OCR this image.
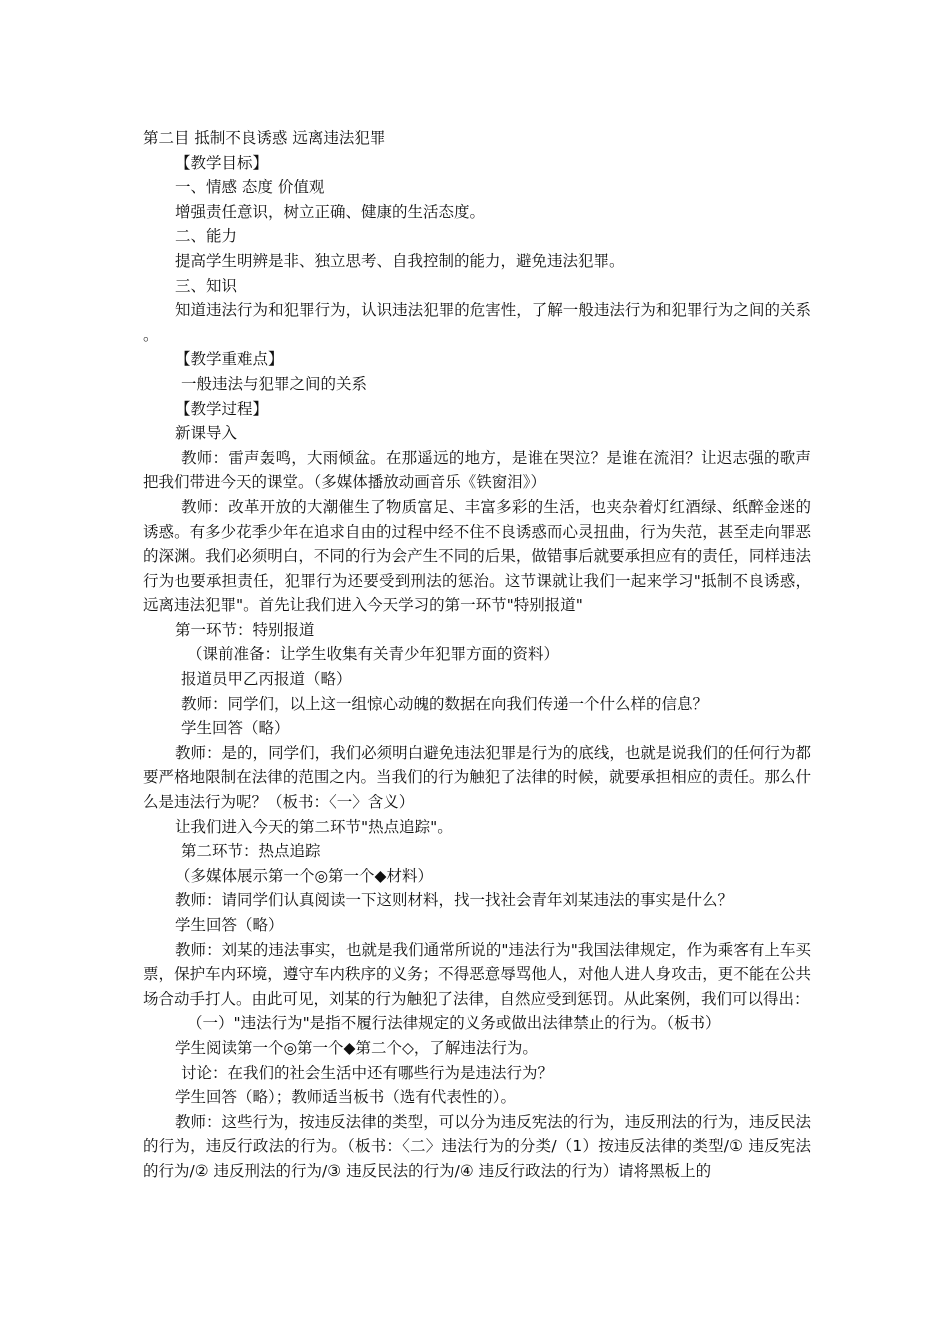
第二目 抵制不良诱惑 远离违法犯罪

【教学目标】

一、情感 态度 价值观

增强责任意识，树立正确、健康的生活态度。

二、能力

提高学生明辨是非、独立思考、自我控制的能力，避免违法犯罪。

三、知识

知道违法行为和犯罪行为，认识违法犯罪的危害性，了解一般违法行为和犯罪行为之间的关系。

【教学重难点】

一般违法与犯罪之间的关系

【教学过程】

新课导入

教师：雷声轰鸣，大雨倾盆。在那遥远的地方，是谁在哭泣？是谁在流泪？让迟志强的歌声把我们带进今天的课堂。（多媒体播放动画音乐《铁窗泪》）

教师：改革开放的大潮催生了物质富足、丰富多彩的生活，也夹杂着灯红酒绿、纸醉金迷的诱惑。有多少花季少年在追求自由的过程中经不住不良诱惑而心灵扭曲，行为失范，甚至走向罪恶的深渊。我们必须明白，不同的行为会产生不同的后果，做错事后就要承担应有的责任，同样违法行为也要承担责任，犯罪行为还要受到刑法的惩治。这节课就让我们一起来学习"抵制不良诱惑，远离违法犯罪"。首先让我们进入今天学习的第一环节"特别报道"

第一环节：特别报道

（课前准备：让学生收集有关青少年犯罪方面的资料）

报道员甲乙丙报道（略）

教师：同学们，以上这一组惊心动魄的数据在向我们传递一个什么样的信息？

学生回答（略）

教师：是的，同学们，我们必须明白避免违法犯罪是行为的底线，也就是说我们的任何行为都要严格地限制在法律的范围之内。当我们的行为触犯了法律的时候，就要承担相应的责任。那么什么是违法行为呢？（板书：〈一〉含义）

让我们进入今天的第二环节"热点追踪"。

第二环节：热点追踪

（多媒体展示第一个◎第一个◆材料）

教师：请同学们认真阅读一下这则材料，找一找社会青年刘某违法的事实是什么？

学生回答（略）

教师：刘某的违法事实，也就是我们通常所说的"违法行为"我国法律规定，作为乘客有上车买票，保护车内环境，遵守车内秩序的义务；不得恶意辱骂他人，对他人进人身攻击，更不能在公共场合动手打人。由此可见，刘某的行为触犯了法律，自然应受到惩罚。从此案例，我们可以得出：

（一）"违法行为"是指不履行法律规定的义务或做出法律禁止的行为。（板书）

学生阅读第一个◎第一个◆第二个◇，了解违法行为。

讨论：在我们的社会生活中还有哪些行为是违法行为？

学生回答（略）；教师适当板书（选有代表性的）。

教师：这些行为，按违反法律的类型，可以分为违反宪法的行为，违反刑法的行为，违反民法的行为，违反行政法的行为。（板书：〈二〉违法行为的分类/（1）按违反法律的类型/① 违反宪法的行为/② 违反刑法的行为/③ 违反民法的行为/④ 违反行政法的行为）请将黑板上的
